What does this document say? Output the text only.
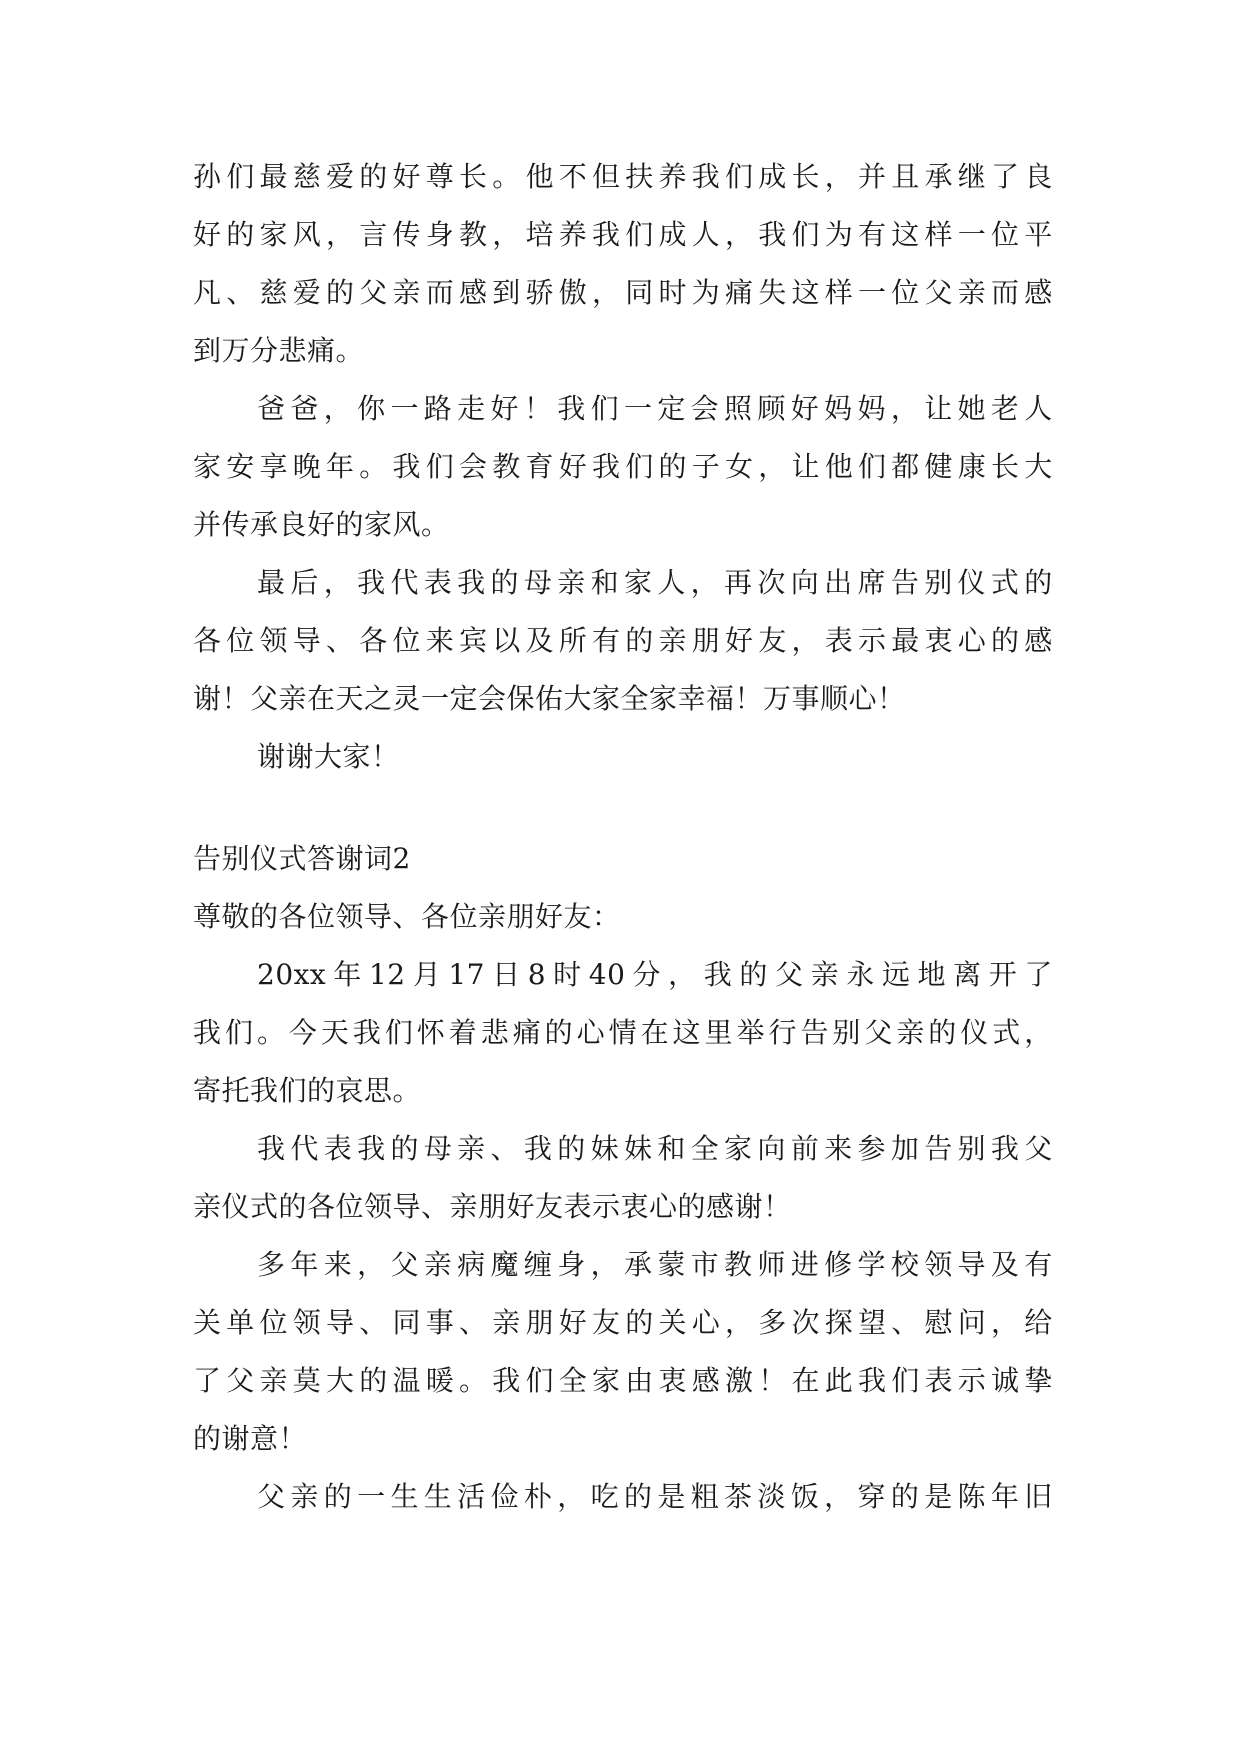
孙 们 最 慈 爱 的 好 尊 长 。 他 不 但 扶 养 我 们 成 长 ， 并 且 承 继 了 良
好 的 家 风 ， 言 传 身 教 ， 培 养 我 们 成 人 ， 我 们 为 有 这 样 一 位 平
凡 、 慈 爱 的 父 亲 而 感 到 骄 傲 ， 同 时 为 痛 失 这 样 一 位 父 亲 而 感
到万分悲痛。
爸 爸 ， 你 一 路 走 好 ！ 我 们 一 定 会 照 顾 好 妈 妈 ， 让 她 老 人
家 安 享 晚 年 。 我 们 会 教 育 好 我 们 的 子 女 ， 让 他 们 都 健 康 长 大
并传承良好的家风。
最 后 ， 我 代 表 我 的 母 亲 和 家 人 ， 再 次 向 出 席 告 别 仪 式 的
各 位 领 导 、 各 位 来 宾 以 及 所 有 的 亲 朋 好 友 ， 表 示 最 衷 心 的 感
谢！父亲在天之灵一定会保佑大家全家幸福！万事顺心！
谢谢大家！
告别仪式答谢词2
尊敬的各位领导、各位亲朋好友：
20xx 年 12 月 17 日 8 时 40 分 ， 我 的 父 亲 永 远 地 离 开 了
我 们 。 今 天 我 们 怀 着 悲 痛 的 心 情 在 这 里 举 行 告 别 父 亲 的 仪 式 ，
寄托我们的哀思。
我 代 表 我 的 母 亲 、 我 的 妹 妹 和 全 家 向 前 来 参 加 告 别 我 父
亲仪式的各位领导、亲朋好友表示衷心的感谢！
多 年 来 ， 父 亲 病 魔 缠 身 ， 承 蒙 市 教 师 进 修 学 校 领 导 及 有
关 单 位 领 导 、 同 事 、 亲 朋 好 友 的 关 心 ， 多 次 探 望 、 慰 问 ， 给
了 父 亲 莫 大 的 温 暖 。 我 们 全 家 由 衷 感 激 ！ 在 此 我 们 表 示 诚 挚
的谢意！
父 亲 的 一 生 生 活 俭 朴 ， 吃 的 是 粗 茶 淡 饭 ， 穿 的 是 陈 年 旧
